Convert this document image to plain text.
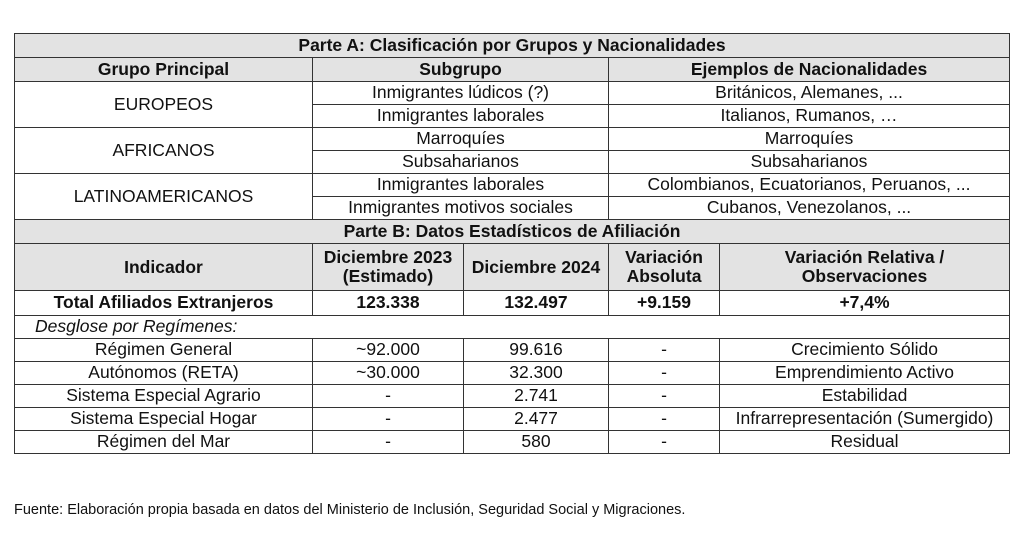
Parte A: Clasificación por Grupos y Nacionalidades				
Grupo Principal	Subgrupo		Ejemplos de Nacionalidades	
EUROPEOS	Inmigrantes lúdicos (?)		Británicos, Alemanes, ...	
	Inmigrantes laborales		Italianos, Rumanos, …	
AFRICANOS	Marroquíes		Marroquíes	
	Subsaharianos		Subsaharianos	
LATINOAMERICANOS	Inmigrantes laborales		Colombianos, Ecuatorianos, Peruanos, ...	
	Inmigrantes motivos sociales		Cubanos, Venezolanos, ...	
Parte B: Datos Estadísticos de Afiliación				
Indicador	Diciembre 2023 (Estimado)	Diciembre 2024	Variación Absoluta	Variación Relativa / Observaciones
Total Afiliados Extranjeros	123.338	132.497	+9.159	+7,4%
Desglose por Regímenes:				
Régimen General	~92.000	99.616	-	Crecimiento Sólido
Autónomos (RETA)	~30.000	32.300	-	Emprendimiento Activo
Sistema Especial Agrario	-	2.741	-	Estabilidad
Sistema Especial Hogar	-	2.477	-	Infrarrepresentación (Sumergido)
Régimen del Mar	-	580	-	Residual
Fuente: Elaboración propia basada en datos del Ministerio de Inclusión, Seguridad Social y Migraciones.
